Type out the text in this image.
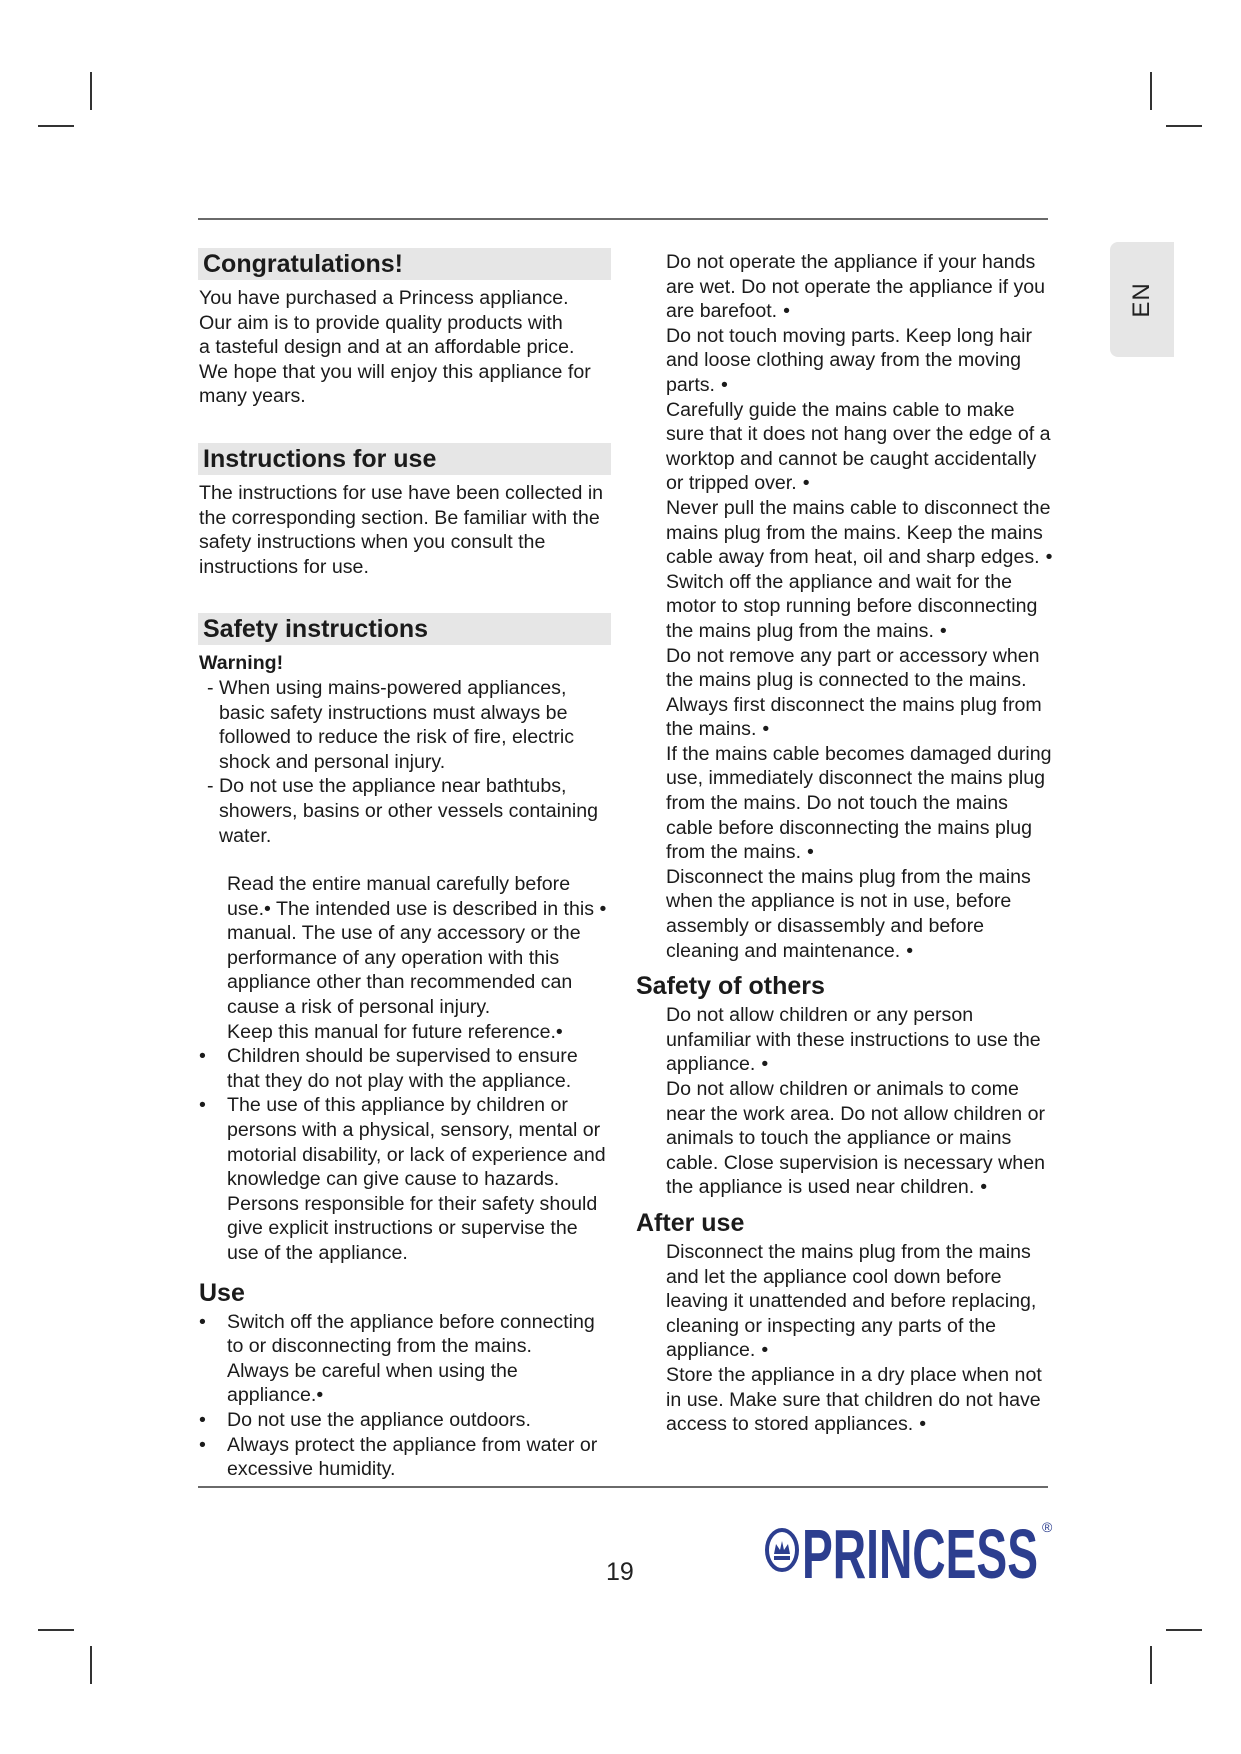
EN
Congratulations!
You have purchased a Princess appliance.
Our aim is to provide quality products with
a tasteful design and at an affordable price.
We hope that you will enjoy this appliance for
many years.
Instructions for use
The instructions for use have been collected in
the corresponding section. Be familiar with the
safety instructions when you consult the
instructions for use.
Safety instructions
Warning!
- When using mains-powered appliances, basic safety instructions must always be followed to reduce the risk of fire, electric shock and personal injury.
- Do not use the appliance near bathtubs, showers, basins or other vessels containing water.
Read the entire manual carefully before use.• The intended use is described in this • manual. The use of any accessory or the performance of any operation with this appliance other than recommended can cause a risk of personal injury.
Keep this manual for future reference.•
• Children should be supervised to ensure that they do not play with the appliance.
• The use of this appliance by children or persons with a physical, sensory, mental or motorial disability, or lack of experience and knowledge can give cause to hazards. Persons responsible for their safety should give explicit instructions or supervise the use of the appliance.
Use
• Switch off the appliance before connecting to or disconnecting from the mains.
Always be careful when using the appliance.•
• Do not use the appliance outdoors.
• Always protect the appliance from water or excessive humidity.
Do not operate the appliance if your hands are wet. Do not operate the appliance if you are barefoot. •
Do not touch moving parts. Keep long hair and loose clothing away from the moving parts. •
Carefully guide the mains cable to make sure that it does not hang over the edge of a worktop and cannot be caught accidentally or tripped over. •
Never pull the mains cable to disconnect the mains plug from the mains. Keep the mains cable away from heat, oil and sharp edges. •
Switch off the appliance and wait for the motor to stop running before disconnecting the mains plug from the mains. •
Do not remove any part or accessory when the mains plug is connected to the mains. Always first disconnect the mains plug from the mains. •
If the mains cable becomes damaged during use, immediately disconnect the mains plug from the mains. Do not touch the mains cable before disconnecting the mains plug from the mains. •
Disconnect the mains plug from the mains when the appliance is not in use, before assembly or disassembly and before cleaning and maintenance. •
Safety of others
Do not allow children or any person unfamiliar with these instructions to use the appliance. •
Do not allow children or animals to come near the work area. Do not allow children or animals to touch the appliance or mains cable. Close supervision is necessary when the appliance is used near children. •
After use
Disconnect the mains plug from the mains and let the appliance cool down before leaving it unattended and before replacing, cleaning or inspecting any parts of the appliance. •
Store the appliance in a dry place when not in use. Make sure that children do not have access to stored appliances. •
19 PRINCESS ®
